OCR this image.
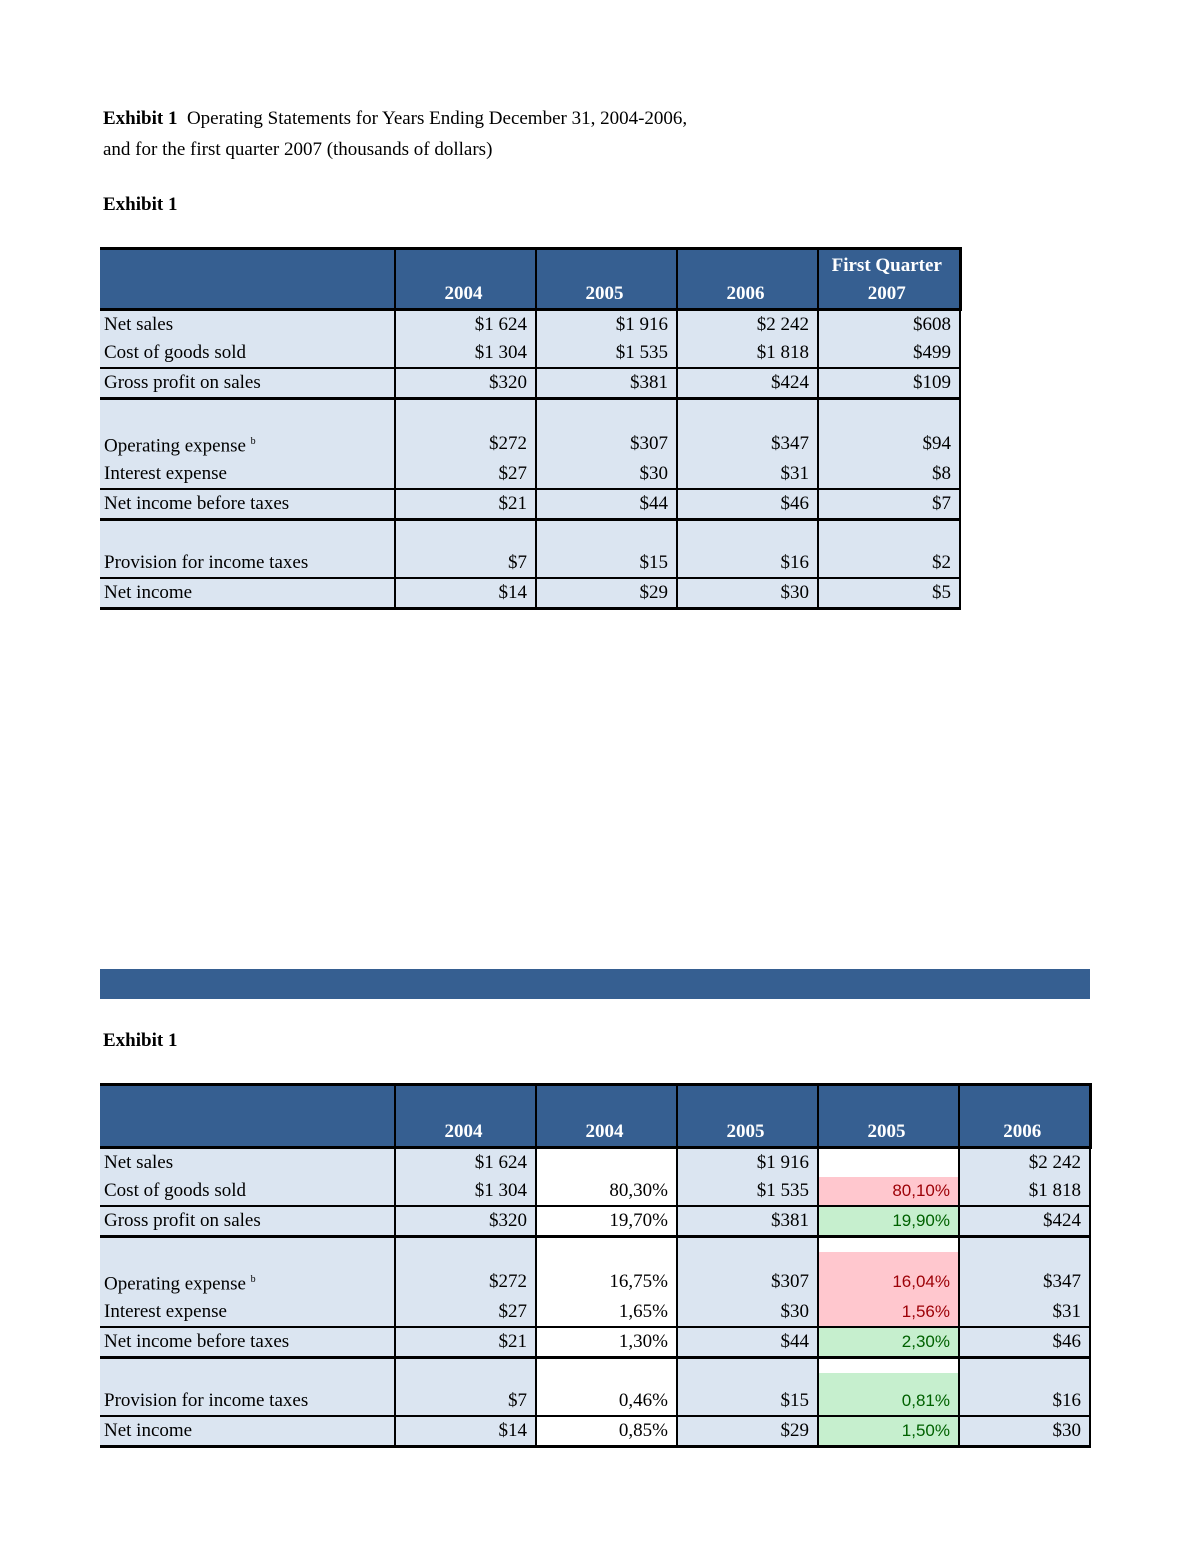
Exhibit 1 Operating Statements for Years Ending December 31, 2004-2006,
and for the first quarter 2007 (thousands of dollars)
Exhibit 1
	2004	2005	2006	First Quarter
2007

Net sales	$1 624	$1 916	$2 242	$608
Cost of goods sold	$1 304	$1 535	$1 818	$499
Gross profit on sales	$320	$381	$424	$109

Operating expense $^b$	$272	$307	$347	$94
Interest expense	$27	$30	$31	$8
Net income before taxes	$21	$44	$46	$7

Provision for income taxes	$7	$15	$16	$2
Net income	$14	$29	$30	$5
Exhibit 1
	2004	2004	2005	2005	2006
Net sales	$1 624		$1 916		$2 242
Cost of goods sold	$1 304	80,30%	$1 535	80,10%	$1 818
Gross profit on sales	$320	19,70%	$381	19,90%	$424

Operating expense $^b$	$272	16,75%	$307	16,04%	$347
Interest expense	$27	1,65%	$30	1,56%	$31
Net income before taxes	$21	1,30%	$44	2,30%	$46

Provision for income taxes	$7	0,46%	$15	0,81%	$16
Net income	$14	0,85%	$29	1,50%	$30
